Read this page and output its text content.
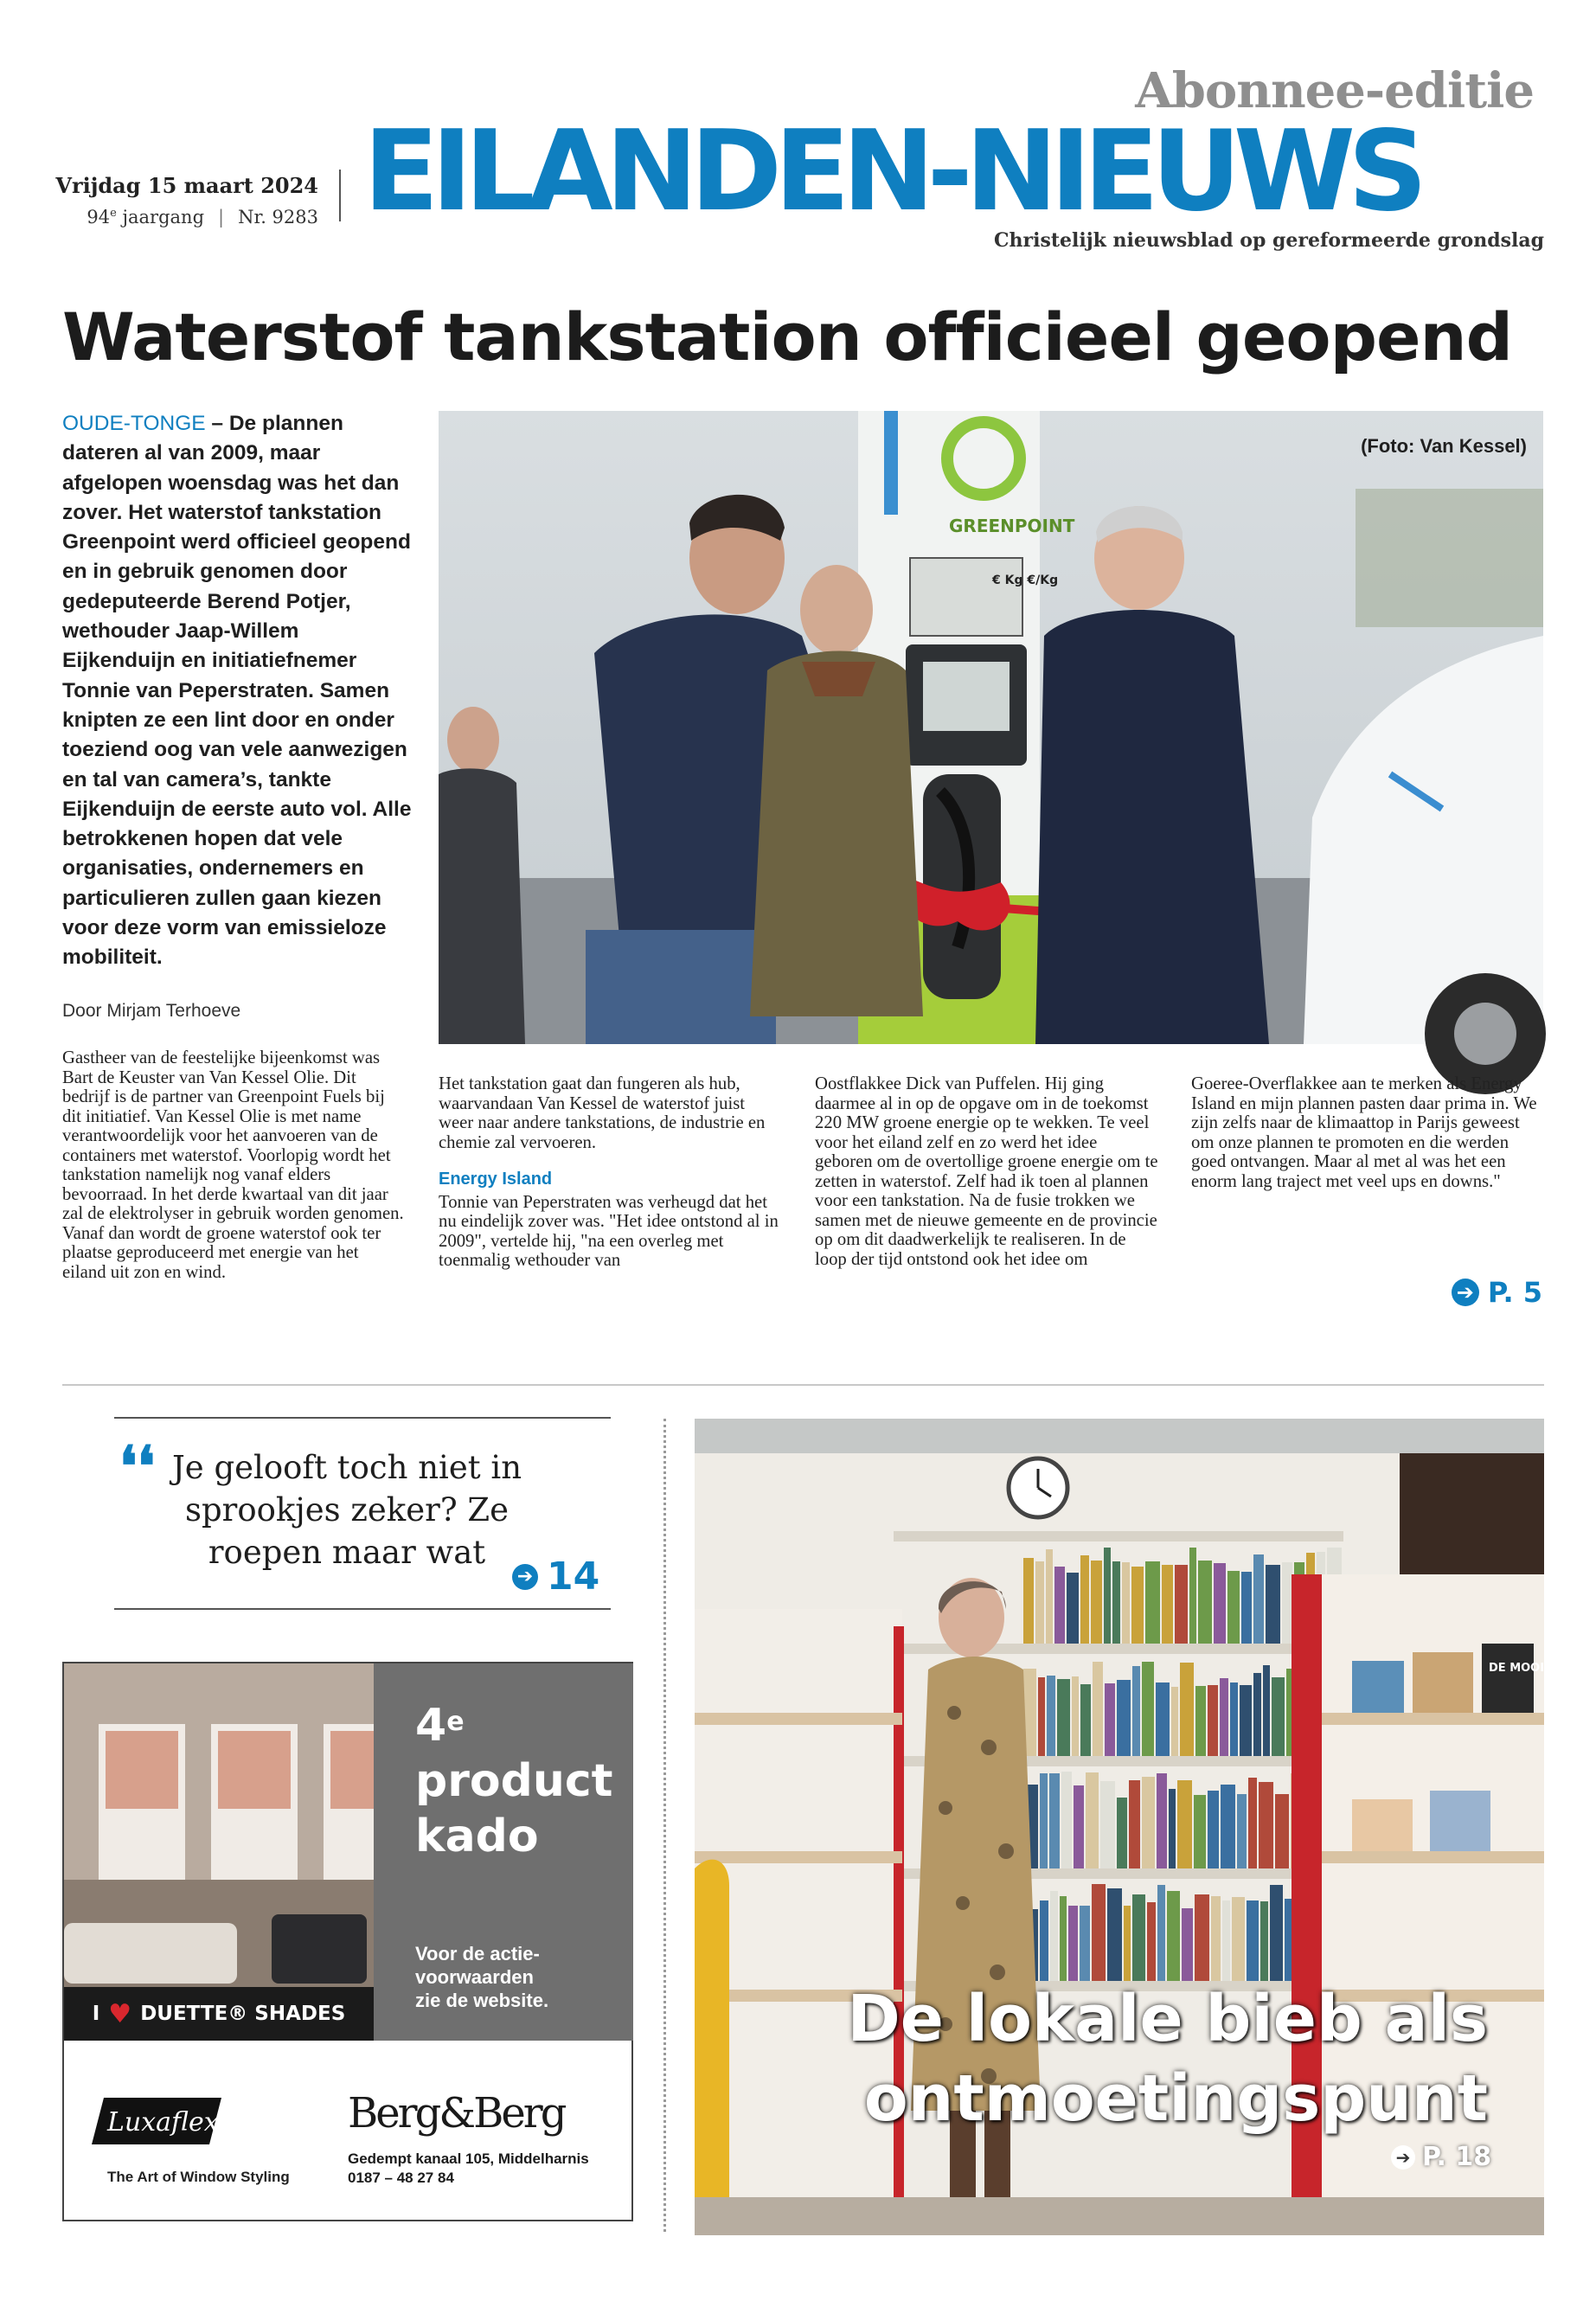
Abonnee-editie
EILANDEN-NIEUWS
Christelijk nieuwsblad op gereformeerde grondslag
Vrijdag 15 maart 2024
94e jaargang | Nr. 9283
Waterstof tankstation officieel geopend
OUDE-TONGE – De plannen dateren al van 2009, maar afgelopen woensdag was het dan zover. Het waterstof tankstation Greenpoint werd officieel geopend en in gebruik genomen door gedeputeerde Berend Potjer, wethouder Jaap-Willem Eijkenduijn en initiatiefnemer Tonnie van Peperstraten. Samen knipten ze een lint door en onder toeziend oog van vele aanwezigen en tal van camera’s, tankte Eijkenduijn de eerste auto vol. Alle betrokkenen hopen dat vele organisaties, ondernemers en particulieren zullen gaan kiezen voor deze vorm van emissieloze mobiliteit.
Door Mirjam Terhoeve
GREENPOINT
€ Kg €/Kg
(Foto: Van Kessel)
Gastheer van de feestelijke bijeenkomst was Bart de Keuster van Van Kessel Olie. Dit bedrijf is de partner van Greenpoint Fuels bij dit initiatief. Van Kessel Olie is met name verantwoordelijk voor het aanvoeren van de containers met waterstof. Voorlopig wordt het tankstation namelijk nog vanaf elders bevoorraad. In het derde kwartaal van dit jaar zal de elektrolyser in gebruik worden genomen. Vanaf dan wordt de groene waterstof ook ter plaatse geproduceerd met energie van het eiland uit zon en wind.
Het tankstation gaat dan fungeren als hub, waarvandaan Van Kessel de waterstof juist weer naar andere tankstations, de industrie en chemie zal vervoeren.
Energy Island
Tonnie van Peperstraten was verheugd dat het nu eindelijk zover was. "Het idee ontstond al in 2009", vertelde hij, "na een overleg met toenmalig wethouder van
Oostflakkee Dick van Puffelen. Hij ging daarmee al in op de opgave om in de toekomst 220 MW groene energie op te wekken. Te veel voor het eiland zelf en zo werd het idee geboren om de overtollige groene energie om te zetten in waterstof. Zelf had ik toen al plannen voor een tankstation. Na de fusie trokken we samen met de nieuwe gemeente en de provincie op om dit daadwerkelijk te realiseren. In de loop der tijd ontstond ook het idee om
Goeree-Overflakkee aan te merken als Energy Island en mijn plannen pasten daar prima in. We zijn zelfs naar de klimaattop in Parijs geweest om onze plannen te promoten en die werden goed ontvangen. Maar al met al was het een enorm lang traject met veel ups en downs."
➔ P. 5
❛❛ Je gelooft toch niet in sprookjes zeker? Ze roepen maar wat
➔ 14
4e
product kado
Voor de actie-voorwaarden zie de website.
I ♥ DUETTE® SHADES
Luxaflex®
The Art of Window Styling
Berg&Berg
Gedempt kanaal 105, Middelharnis
0187 – 48 27 84
DE MOOI LIEGER
De lokale bieb als
ontmoetingspunt
➔ P. 18
